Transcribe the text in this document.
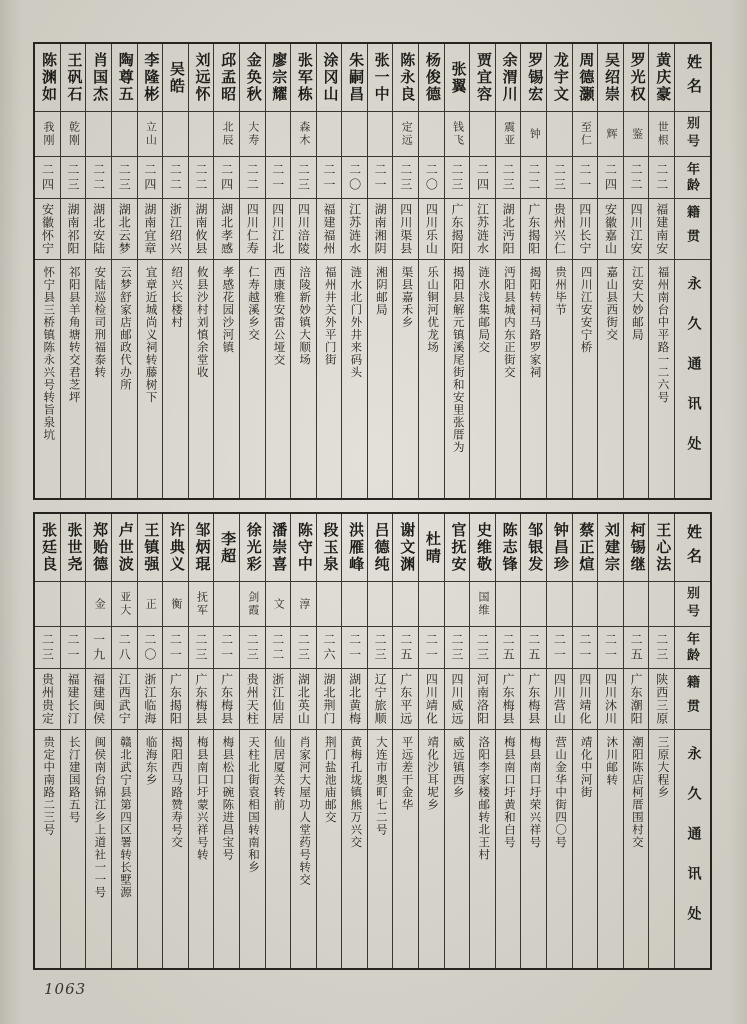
姓名
别号
年龄
籍贯
永久通讯处
黄庆豪
世根
二二
福建南安
福州南台中平路一二六号
罗光权
鉴
二二
四川江安
江安大妙邮局
吴绍崇
辉
二四
安徽嘉山
嘉山县西街交
周德灏
至仁
二一
四川长宁
四川江安安宁桥
龙宇文
二三
贵州兴仁
贵州毕节
罗锡宏
钟
二二
广东揭阳
揭阳转祠马路罗家祠
余渭川
震亚
二三
湖北沔阳
沔阳县城内东正街交
贾宜容
二四
江苏涟水
涟水浅集邮局交
张翼
钱飞
二三
广东揭阳
揭阳县解元镇溪尾街和安里张厝为
杨俊德
二〇
四川乐山
乐山铜河优龙场
陈永良
定远
二三
四川渠县
渠县嘉禾乡
张一中
二一
湖南湘阴
湘阴邮局
朱嗣昌
二〇
江苏涟水
涟水北门外井来码头
涂冈山
二一
福建福州
福州井关外平门街
张军栋
森木
二三
四川涪陵
涪陵新妙镇大顺场
廖宗耀
二一
四川江北
西康雅安雷公垭交
金奂秋
大寿
二二
四川仁寿
仁寿越溪乡交
邱孟昭
北辰
二四
湖北孝感
孝感花园沙河镇
刘远怀
二二
湖南攸县
攸县沙村刘慎余堂收
吴皓
二二
浙江绍兴
绍兴长楼村
李隆彬
立山
二四
湖南宜章
宜章近城尚义祠转藤树下
陶尊五
二三
湖北云梦
云梦舒家店邮政代办所
肖国杰
二二
湖北安陆
安陆巡检司刑福泰转
王矾石
乾刚
二三
湖南祁阳
祁阳县羊角塘转交君芝坪
陈渊如
我刚
二四
安徽怀宁
怀宁县三桥镇陈永兴号转旨泉坑
姓名
别号
年龄
籍贯
永久通讯处
王心法
二三
陕西三原
三原大程乡
柯锡继
二五
广东潮阳
潮阳陈店柯厝围村交
刘建宗
二一
四川沐川
沐川邮转
蔡正煊
二一
四川靖化
靖化中河街
钟昌珍
二一
四川营山
营山金华中街四〇号
邹银发
二五
广东梅县
梅县南口圩荣兴祥号
陈志锋
二五
广东梅县
梅县南口圩黄和白号
史维敬
国维
二三
河南洛阳
洛阳李家楼邮转北王村
官抚安
二三
四川威远
威远镇西乡
杜晴
二一
四川靖化
靖化沙耳坭乡
谢文渊
二五
广东平远
平远差干金华
吕德纯
二三
辽宁旅顺
大连市奥町七二号
洪雁峰
二一
湖北黄梅
黄梅孔垅镇熊万兴交
段玉泉
二六
湖北荆门
荆门盐池庙邮交
陈守中
淳
二三
湖北英山
肖家河大屋功人堂药号转交
潘崇喜
文
二二
浙江仙居
仙居厦关转前
徐光彩
剑霞
二三
贵州天柱
天柱北街袁相国转南和乡
李超
二一
广东梅县
梅县松口碗陈进昌宝号
邹炳琨
抚军
二三
广东梅县
梅县南口圩蒙兴祥号转
许典义
衡
二一
广东揭阳
揭阳西马路赞寿号交
王镇强
正
二〇
浙江临海
临海东乡
卢世波
亚大
二八
江西武宁
赣北武宁县第四区署转长墅源
郑贻德
金
一九
福建闽侯
闽侯南台锦江乡上道社一一号
张世尧
二一
福建长汀
长汀建国路五号
张廷良
二三
贵州贵定
贵定中南路二三号
1063
